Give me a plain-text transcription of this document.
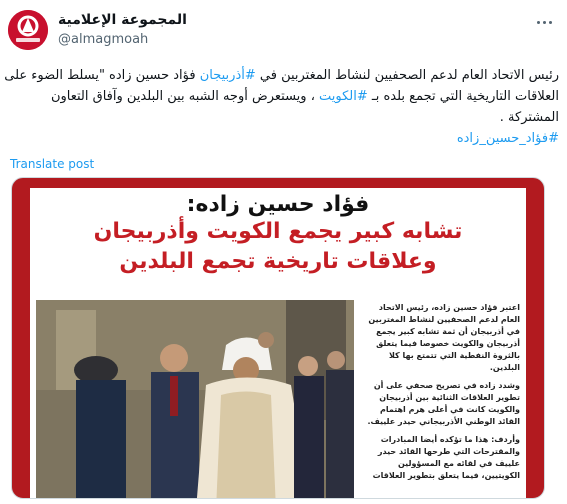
المجموعة الإعلامية
@almagmoah
رئيس الاتحاد العام لدعم الصحفيين لنشاط المغتربين في #أذربيجان فؤاد حسين زاده "يسلط الضوء على
العلاقات التاريخية التي تجمع بلده بـ #الكويت ، ويستعرض أوجه الشبه بين البلدين وآفاق التعاون
المشتركة .
#فؤاد_حسين_زاده
Translate post
فؤاد حسين زاده:
تشابه كبير يجمع الكويت وأذربيجان
وعلاقات تاريخية تجمع البلدين

اعتبر فؤاد حسين زاده، رئيس الاتحاد العام لدعم الصحفيين لنشاط المغتربين في أذربيجان أن ثمة تشابه كبير يجمع أذربيجان والكويت خصوصا فيما يتعلق بالثروة النفطية التي تتمتع بها كلا البلدين.

وشدد زاده في تصريح صحفي على أن تطوير العلاقات الثنائية بين أذربيجان والكويت كانت في أعلى هرم اهتمام القائد الوطني الأذربيجاني حيدر علييف.

وأردف: هذا ما تؤكده أيضا المبادرات والمقترحات التي طرحها القائد حيدر علييف في لقائه مع المسؤولين الكويتيين، فيما يتعلق بتطوير العلاقات
